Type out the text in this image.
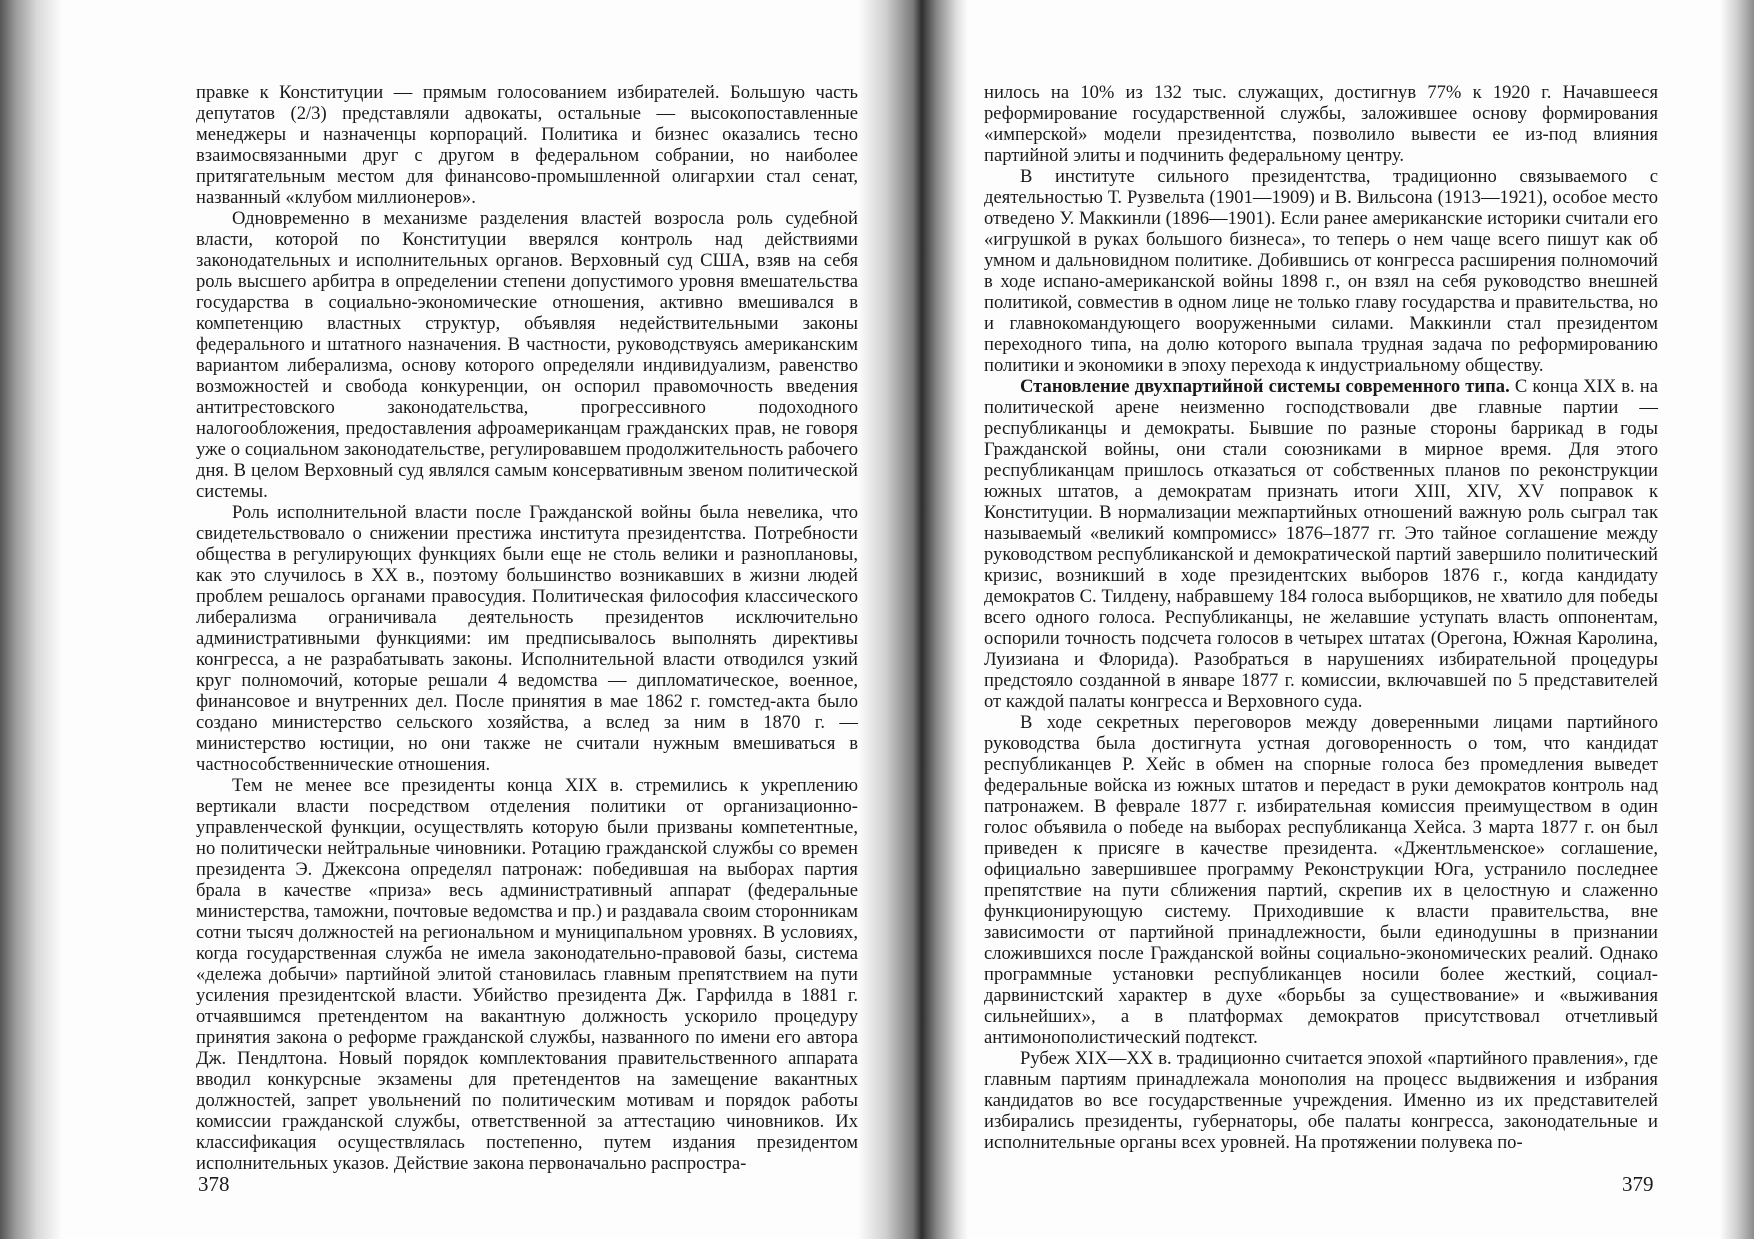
правке к Конституции — прямым голосованием избирателей. Большую часть депутатов (2/3) представляли адвокаты, остальные — высокопоставленные менеджеры и назначенцы корпораций. Политика и бизнес оказались тесно взаимосвязанными друг с другом в федеральном собрании, но наиболее притягательным местом для финансово-промышленной олигархии стал сенат, названный «клубом миллионеров».

Одновременно в механизме разделения властей возросла роль судебной власти, которой по Конституции вверялся контроль над действиями законодательных и исполнительных органов. Верховный суд США, взяв на себя роль высшего арбитра в определении степени допустимого уровня вмешательства государства в социально-экономические отношения, активно вмешивался в компетенцию властных структур, объявляя недействительными законы федерального и штатного назначения. В частности, руководствуясь американским вариантом либерализма, основу которого определяли индивидуализм, равенство возможностей и свобода конкуренции, он оспорил правомочность введения антитрестовского законодательства, прогрессивного подоходного налогообложения, предоставления афроамериканцам гражданских прав, не говоря уже о социальном законодательстве, регулировавшем продолжительность рабочего дня. В целом Верховный суд являлся самым консервативным звеном политической системы.

Роль исполнительной власти после Гражданской войны была невелика, что свидетельствовало о снижении престижа института президентства. Потребности общества в регулирующих функциях были еще не столь велики и разноплановы, как это случилось в XX в., поэтому большинство возникавших в жизни людей проблем решалось органами правосудия. Политическая философия классического либерализма ограничивала деятельность президентов исключительно административными функциями: им предписывалось выполнять директивы конгресса, а не разрабатывать законы. Исполнительной власти отводился узкий круг полномочий, которые решали 4 ведомства — дипломатическое, военное, финансовое и внутренних дел. После принятия в мае 1862 г. гомстед-акта было создано министерство сельского хозяйства, а вслед за ним в 1870 г. — министерство юстиции, но они также не считали нужным вмешиваться в частнособственнические отношения.

Тем не менее все президенты конца XIX в. стремились к укреплению вертикали власти посредством отделения политики от организационно-управленческой функции, осуществлять которую были призваны компетентные, но политически нейтральные чиновники. Ротацию гражданской службы со времен президента Э. Джексона определял патронаж: победившая на выборах партия брала в качестве «приза» весь административный аппарат (федеральные министерства, таможни, почтовые ведомства и пр.) и раздавала своим сторонникам сотни тысяч должностей на региональном и муниципальном уровнях. В условиях, когда государственная служба не имела законодательно-правовой базы, система «дележа добычи» партийной элитой становилась главным препятствием на пути усиления президентской власти. Убийство президента Дж. Гарфилда в 1881 г. отчаявшимся претендентом на вакантную должность ускорило процедуру принятия закона о реформе гражданской службы, названного по имени его автора Дж. Пендлтона. Новый порядок комплектования правительственного аппарата вводил конкурсные экзамены для претендентов на замещение вакантных должностей, запрет увольнений по политическим мотивам и порядок работы комиссии гражданской службы, ответственной за аттестацию чиновников. Их классификация осуществлялась постепенно, путем издания президентом исполнительных указов. Действие закона первоначально распростра-

378

нилось на 10% из 132 тыс. служащих, достигнув 77% к 1920 г. Начавшееся реформирование государственной службы, заложившее основу формирования «имперской» модели президентства, позволило вывести ее из-под влияния партийной элиты и подчинить федеральному центру.

В институте сильного президентства, традиционно связываемого с деятельностью Т. Рузвельта (1901—1909) и В. Вильсона (1913—1921), особое место отведено У. Маккинли (1896—1901). Если ранее американские историки считали его «игрушкой в руках большого бизнеса», то теперь о нем чаще всего пишут как об умном и дальновидном политике. Добившись от конгресса расширения полномочий в ходе испано-американской войны 1898 г., он взял на себя руководство внешней политикой, совместив в одном лице не только главу государства и правительства, но и главнокомандующего вооруженными силами. Маккинли стал президентом переходного типа, на долю которого выпала трудная задача по реформированию политики и экономики в эпоху перехода к индустриальному обществу.

Становление двухпартийной системы современного типа. С конца XIX в. на политической арене неизменно господствовали две главные партии — республиканцы и демократы. Бывшие по разные стороны баррикад в годы Гражданской войны, они стали союзниками в мирное время. Для этого республиканцам пришлось отказаться от собственных планов по реконструкции южных штатов, а демократам признать итоги XIII, XIV, XV поправок к Конституции. В нормализации межпартийных отношений важную роль сыграл так называемый «великий компромисс» 1876–1877 гг. Это тайное соглашение между руководством республиканской и демократической партий завершило политический кризис, возникший в ходе президентских выборов 1876 г., когда кандидату демократов С. Тилдену, набравшему 184 голоса выборщиков, не хватило для победы всего одного голоса. Республиканцы, не желавшие уступать власть оппонентам, оспорили точность подсчета голосов в четырех штатах (Орегона, Южная Каролина, Луизиана и Флорида). Разобраться в нарушениях избирательной процедуры предстояло созданной в январе 1877 г. комиссии, включавшей по 5 представителей от каждой палаты конгресса и Верховного суда.

В ходе секретных переговоров между доверенными лицами партийного руководства была достигнута устная договоренность о том, что кандидат республиканцев Р. Хейс в обмен на спорные голоса без промедления выведет федеральные войска из южных штатов и передаст в руки демократов контроль над патронажем. В феврале 1877 г. избирательная комиссия преимуществом в один голос объявила о победе на выборах республиканца Хейса. 3 марта 1877 г. он был приведен к присяге в качестве президента. «Джентльменское» соглашение, официально завершившее программу Реконструкции Юга, устранило последнее препятствие на пути сближения партий, скрепив их в целостную и слаженно функционирующую систему. Приходившие к власти правительства, вне зависимости от партийной принадлежности, были единодушны в признании сложившихся после Гражданской войны социально-экономических реалий. Однако программные установки республиканцев носили более жесткий, социал-дарвинистский характер в духе «борьбы за существование» и «выживания сильнейших», а в платформах демократов присутствовал отчетливый антимонополистический подтекст.

Рубеж XIX—XX в. традиционно считается эпохой «партийного правления», где главным партиям принадлежала монополия на процесс выдвижения и избрания кандидатов во все государственные учреждения. Именно из их представителей избирались президенты, губернаторы, обе палаты конгресса, законодательные и исполнительные органы всех уровней. На протяжении полувека по-

379
